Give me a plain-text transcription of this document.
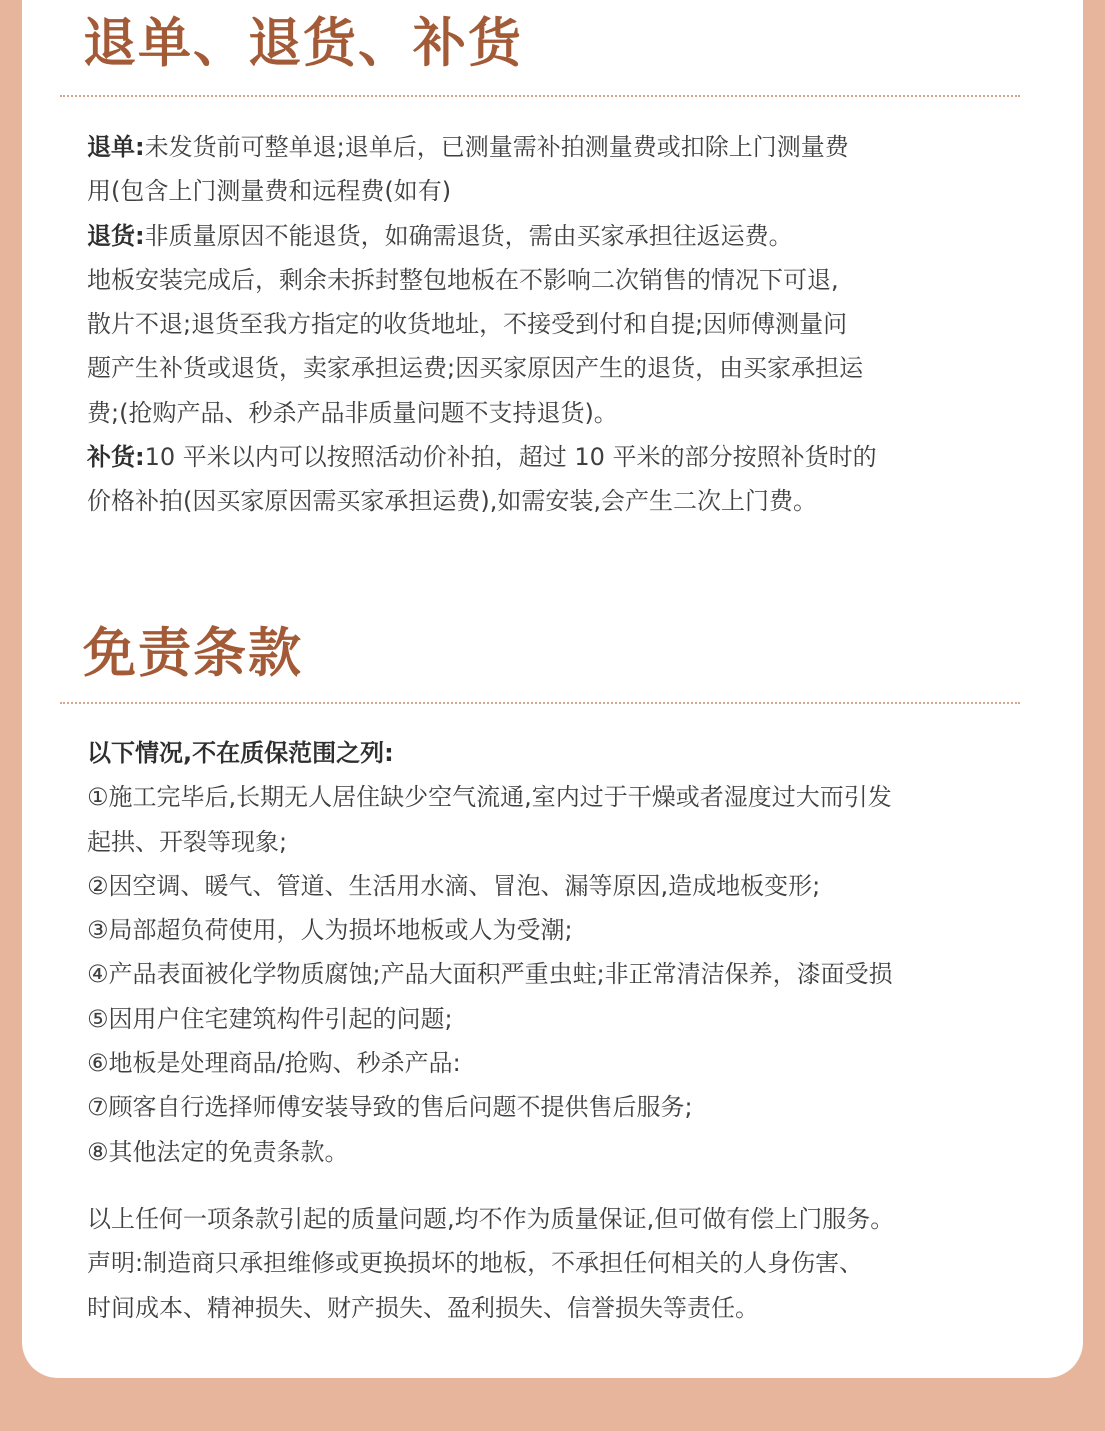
退单、退货、补货
退单:未发货前可整单退;退单后，已测量需补拍测量费或扣除上门测量费
用(包含上门测量费和远程费(如有)
退货:非质量原因不能退货，如确需退货，需由买家承担往返运费。
地板安装完成后，剩余未拆封整包地板在不影响二次销售的情况下可退,
散片不退;退货至我方指定的收货地址，不接受到付和自提;因师傅测量问
题产生补货或退货，卖家承担运费;因买家原因产生的退货，由买家承担运
费;(抢购产品、秒杀产品非质量问题不支持退货)。
补货:10 平米以内可以按照活动价补拍，超过 10 平米的部分按照补货时的
价格补拍(因买家原因需买家承担运费),如需安装,会产生二次上门费。
免责条款
以下情况,不在质保范围之列:
①施工完毕后,长期无人居住缺少空气流通,室内过于干燥或者湿度过大而引发
起拱、开裂等现象;
②因空调、暖气、管道、生活用水滴、冒泡、漏等原因,造成地板变形;
③局部超负荷使用，人为损坏地板或人为受潮;
④产品表面被化学物质腐蚀;产品大面积严重虫蛀;非正常清洁保养，漆面受损
⑤因用户住宅建筑构件引起的问题;
⑥地板是处理商品/抢购、秒杀产品:
⑦顾客自行选择师傅安装导致的售后问题不提供售后服务;
⑧其他法定的免责条款。
以上任何一项条款引起的质量问题,均不作为质量保证,但可做有偿上门服务。
声明:制造商只承担维修或更换损坏的地板，不承担任何相关的人身伤害、
时间成本、精神损失、财产损失、盈利损失、信誉损失等责任。
